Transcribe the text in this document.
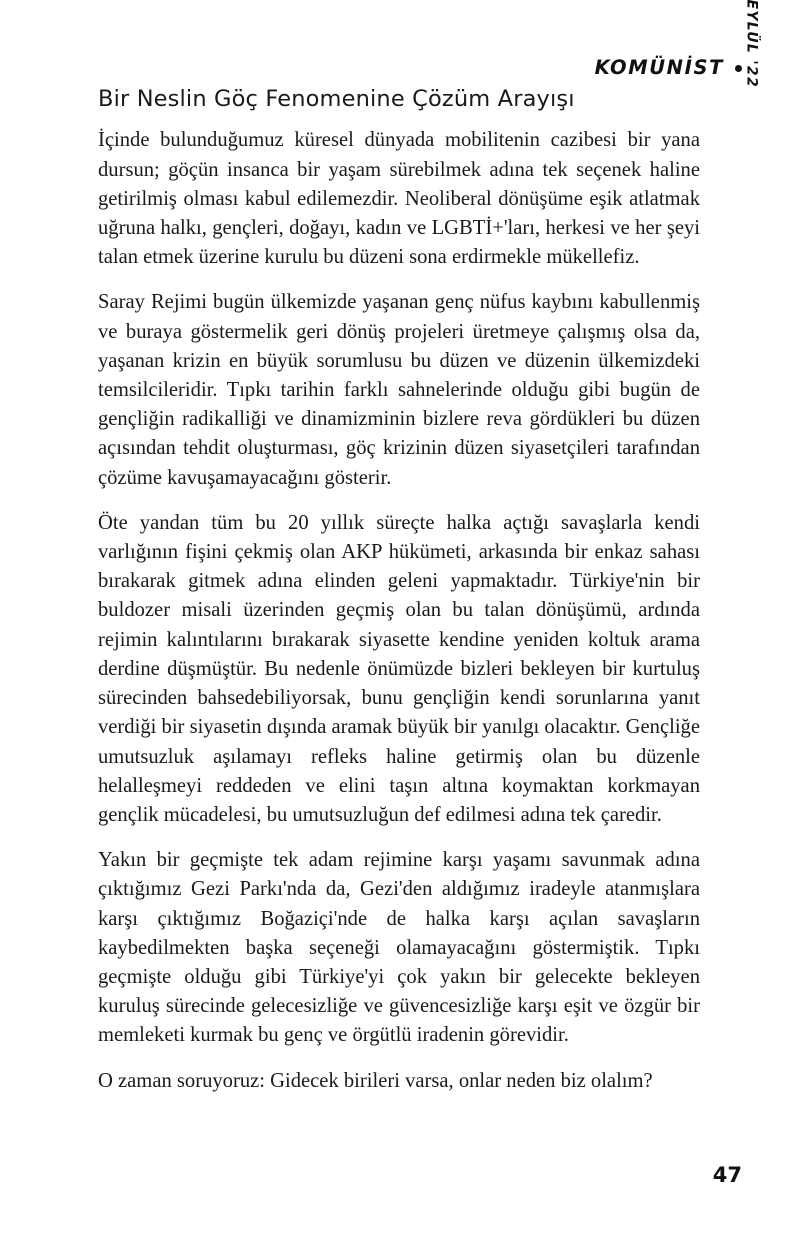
KOMÜNİST EYLÜL '22
Bir Neslin Göç Fenomenine Çözüm Arayışı

İçinde bulunduğumuz küresel dünyada mobilitenin cazibesi bir yana dursun; göçün insanca bir yaşam sürebilmek adına tek seçenek haline getirilmiş olması kabul edilemezdir. Neoliberal dönüşüme eşik atlatmak uğruna halkı, gençleri, doğayı, kadın ve LGBTİ+'ları, herkesi ve her şeyi talan etmek üzerine kurulu bu düzeni sona erdirmekle mükellefiz.

Saray Rejimi bugün ülkemizde yaşanan genç nüfus kaybını kabullenmiş ve buraya göstermelik geri dönüş projeleri üretmeye çalışmış olsa da, yaşanan krizin en büyük sorumlusu bu düzen ve düzenin ülkemizdeki temsilcileridir. Tıpkı tarihin farklı sahnelerinde olduğu gibi bugün de gençliğin radikalliği ve dinamizminin bizlere reva gördükleri bu düzen açısından tehdit oluşturması, göç krizinin düzen siyasetçileri tarafından çözüme kavuşamayacağını gösterir.

Öte yandan tüm bu 20 yıllık süreçte halka açtığı savaşlarla kendi varlığının fişini çekmiş olan AKP hükümeti, arkasında bir enkaz sahası bırakarak gitmek adına elinden geleni yapmaktadır. Türkiye'nin bir buldozer misali üzerinden geçmiş olan bu talan dönüşümü, ardında rejimin kalıntılarını bırakarak siyasette kendine yeniden koltuk arama derdine düşmüştür. Bu nedenle önümüzde bizleri bekleyen bir kurtuluş sürecinden bahsedebiliyorsak, bunu gençliğin kendi sorunlarına yanıt verdiği bir siyasetin dışında aramak büyük bir yanılgı olacaktır. Gençliğe umutsuzluk aşılamayı refleks haline getirmiş olan bu düzenle helalleşmeyi reddeden ve elini taşın altına koymaktan korkmayan gençlik mücadelesi, bu umutsuzluğun def edilmesi adına tek çaredir.

Yakın bir geçmişte tek adam rejimine karşı yaşamı savunmak adına çıktığımız Gezi Parkı'nda da, Gezi'den aldığımız iradeyle atanmışlara karşı çıktığımız Boğaziçi'nde de halka karşı açılan savaşların kaybedilmekten başka seçeneği olamayacağını göstermiştik. Tıpkı geçmişte olduğu gibi Türkiye'yi çok yakın bir gelecekte bekleyen kuruluş sürecinde gelecesizliğe ve güvencesizliğe karşı eşit ve özgür bir memleketi kurmak bu genç ve örgütlü iradenin görevidir.

O zaman soruyoruz: Gidecek birileri varsa, onlar neden biz olalım?

47
